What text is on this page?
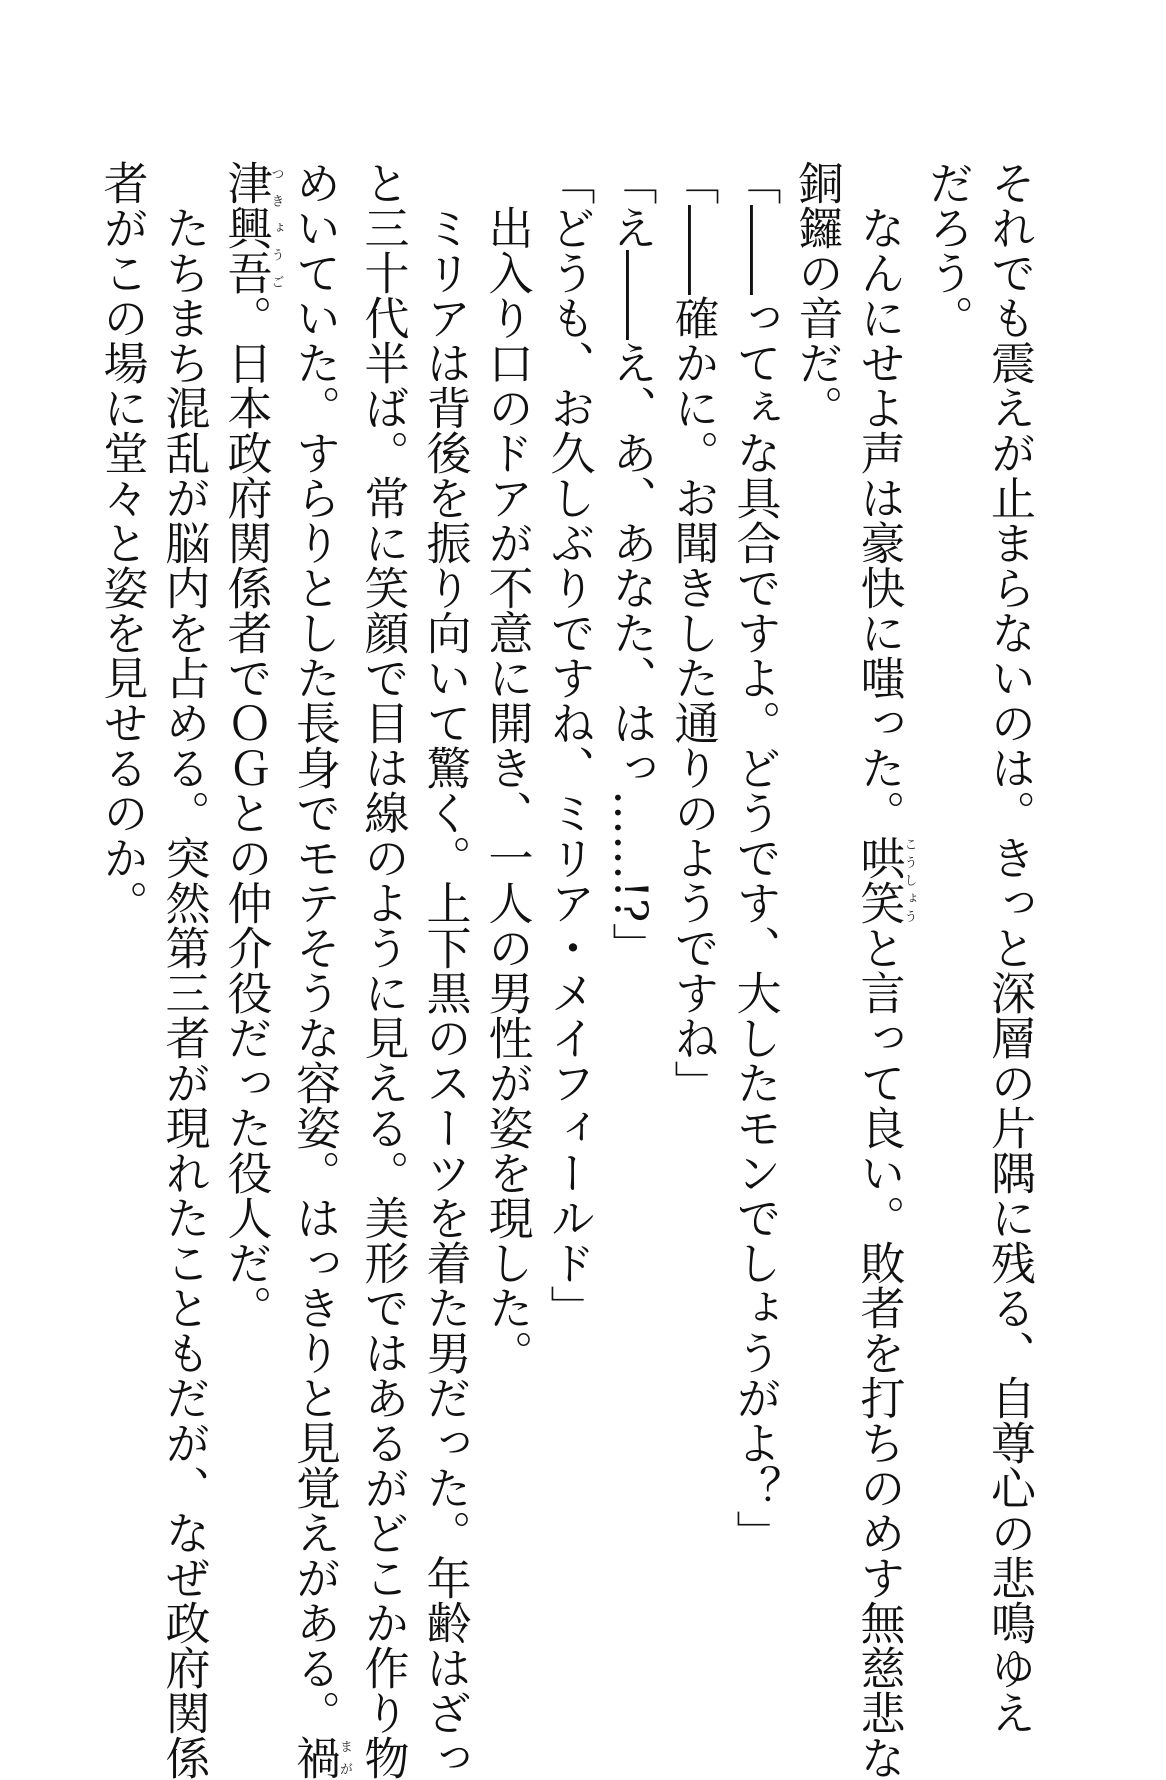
それでも震えが止まらないのは。きっと深層の片隅に残る、自尊心の悲鳴ゆえ
だろう。
　なんにせよ声は豪快に嗤った。哄笑こうしょうと言って良い。敗者を打ちのめす無慈悲な
銅鑼の音だ。
「――ってぇな具合ですよ。どうです、大したモンでしょうがよ？」
「――確かに。お聞きした通りのようですね」
「え――え、あ、あなた、はっ……!?」
「どうも、お久しぶりですね、ミリア・メイフィールド」
　出入り口のドアが不意に開き、一人の男性が姿を現した。
　ミリアは背後を振り向いて驚く。上下黒のスーツを着た男だった。年齢はざっ
と三十代半ば。常に笑顔で目は線のように見える。美形ではあるがどこか作り物
めいていた。すらりとした長身でモテそうな容姿。はっきりと見覚えがある。禍まが
津興吾つきょうご。日本政府関係者でＯＧとの仲介役だった役人だ。
　たちまち混乱が脳内を占める。突然第三者が現れたこともだが、なぜ政府関係
者がこの場に堂々と姿を見せるのか。
